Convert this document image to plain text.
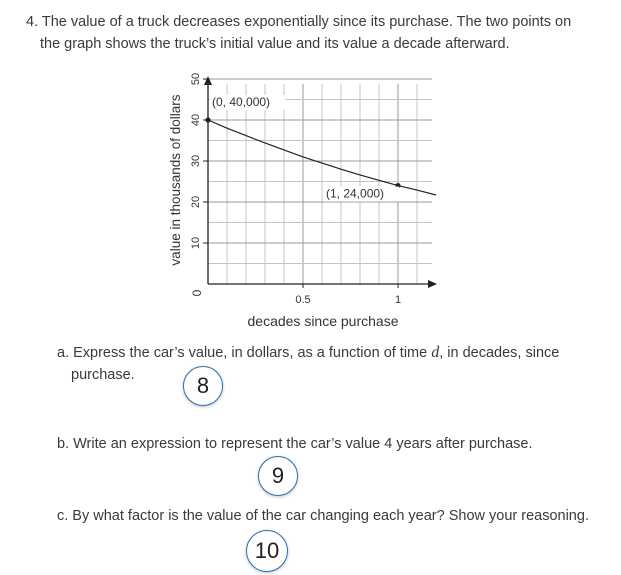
4. The value of a truck decreases exponentially since its purchase. The two points on
the graph shows the truck’s initial value and its value a decade afterward.
value in thousands of dollars
decades since purchase
10
20
30
40
50
0.5	1
0
(0, 40,000)
(1, 24,000)
a. Express the car’s value, in dollars, as a function of time d, in decades, since
purchase.	8
b. Write an expression to represent the car’s value 4 years after purchase.
9
c. By what factor is the value of the car changing each year? Show your reasoning.
10
